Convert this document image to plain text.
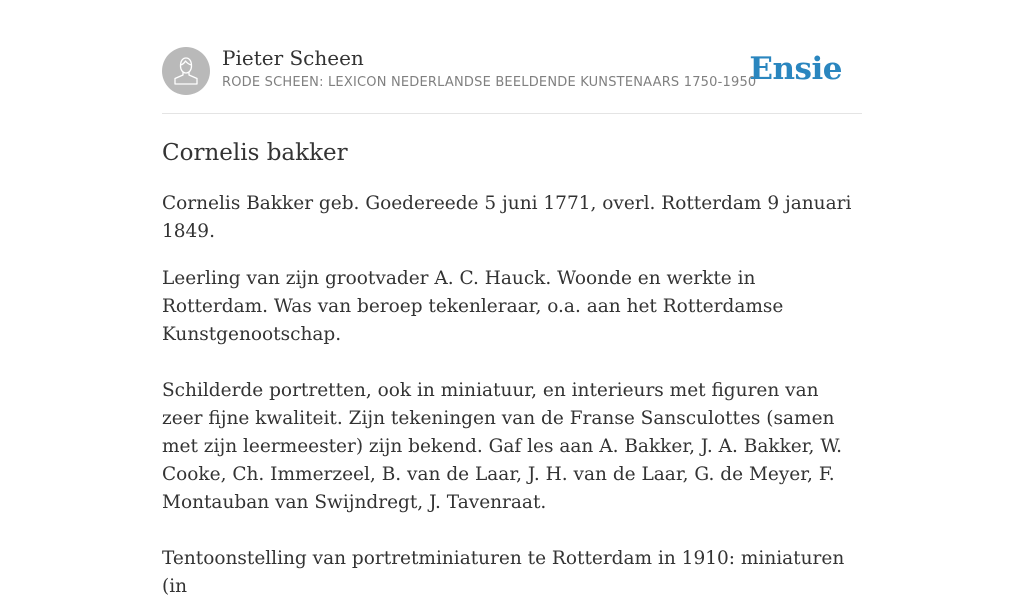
Pieter Scheen
RODE SCHEEN: LEXICON NEDERLANDSE BEELDENDE KUNSTENAARS 1750-1950
Ensie
Cornelis bakker

Cornelis Bakker geb. Goedereede 5 juni 1771, overl. Rotterdam 9 januari 1849.

Leerling van zijn grootvader A. C. Hauck. Woonde en werkte in Rotterdam. Was van beroep tekenleraar, o.a. aan het Rotterdamse Kunstgenootschap.

Schilderde portretten, ook in miniatuur, en interieurs met figuren van zeer fijne kwaliteit. Zijn tekeningen van de Franse Sansculottes (samen met zijn leermeester) zijn bekend. Gaf les aan A. Bakker, J. A. Bakker, W. Cooke, Ch. Immerzeel, B. van de Laar, J. H. van de Laar, G. de Meyer, F. Montauban van Swijndregt, J. Tavenraat.

Tentoonstelling van portretminiaturen te Rotterdam in 1910: miniaturen (in
